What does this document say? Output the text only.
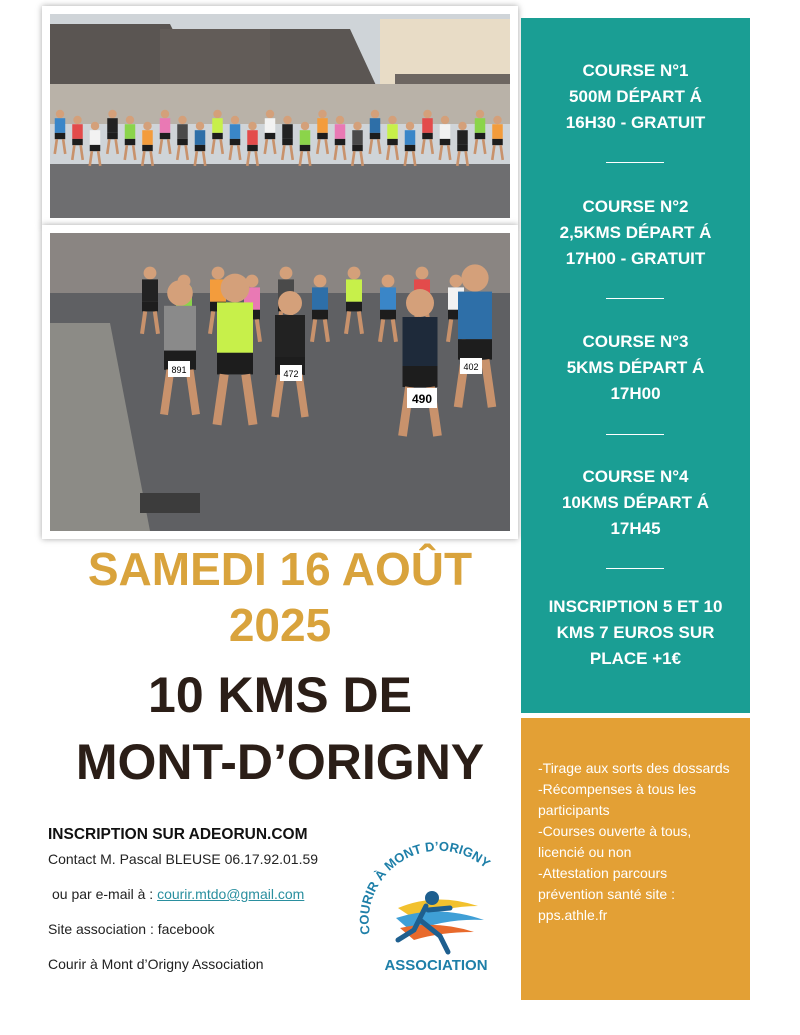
891	472
490
402
COURSE N°1
500M DÉPART Á
16H30 - GRATUIT
COURSE N°2
2,5KMS DÉPART Á
17H00 - GRATUIT
COURSE N°3
5KMS DÉPART Á
17H00
COURSE N°4
10KMS DÉPART Á
17H45
INSCRIPTION 5 ET 10
KMS 7 EUROS SUR
PLACE +1€
-Tirage aux sorts des dossards
-Récompenses à tous les participants
-Courses ouverte à tous, licencié ou non
-Attestation parcours prévention santé site : pps.athle.fr
SAMEDI 16 AOÛT
2025
10 KMS DE
MONT-D’ORIGNY
INSCRIPTION SUR ADEORUN.COM
Contact M. Pascal BLEUSE 06.17.92.01.59
ou par e-mail à : courir.mtdo@gmail.com
Site association : facebook
Courir à Mont d’Origny Association
COURIR À MONT D’ORIGNY
ASSOCIATION
